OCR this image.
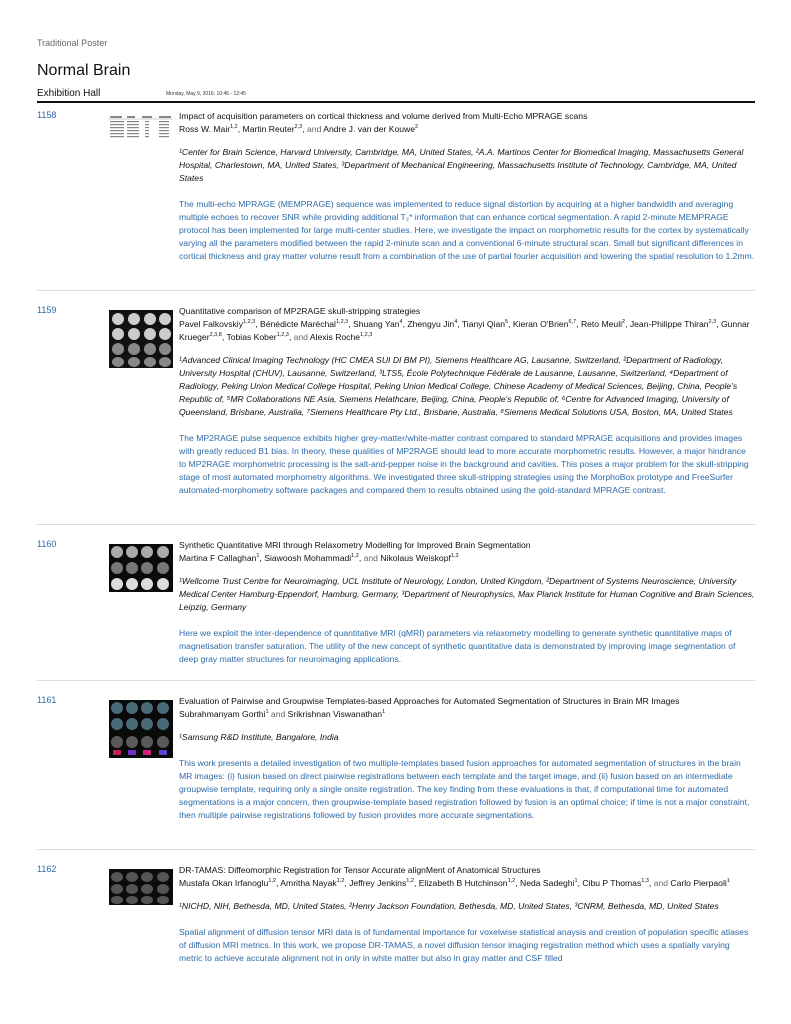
Traditional Poster
Normal Brain
Exhibition Hall	Monday, May 9, 2016: 10:45 - 12:45
1158	Impact of acquisition parameters on cortical thickness and volume derived from Multi-Echo MPRAGE scans
Ross W. Mair$^{1,2}$, Martin Reuter$^{2,3}$, and Andre J. van der Kouwe$^2$
¹Center for Brain Science, Harvard University, Cambridge, MA, United States, ²A.A. Martinos Center for Biomedical Imaging, Massachusetts General Hospital, Charlestown, MA, United States, ³Department of Mechanical Engineering, Massachusetts Institute of Technology, Cambridge, MA, United States
The multi-echo MPRAGE (MEMPRAGE) sequence was implemented to reduce signal distortion by acquiring at a higher bandwidth and averaging multiple echoes to recover SNR while providing additional T₂* information that can enhance cortical segmentation. A rapid 2-minute MEMPRAGE protocol has been implemented for large multi-center studies. Here, we investigate the impact on morphometric results for the cortex by systematically varying all the parameters modified between the rapid 2-minute scan and a conventional 6-minute structural scan. Small but significant differences in cortical thickness and gray matter volume result from a combination of the use of partial fourier acquisition and lowering the spatial resolution to 1.2mm.
1159	Quantitative comparison of MP2RAGE skull-stripping strategies
Pavel Falkovskiy$^{1,2,3}$, Bénédicte Maréchal$^{1,2,3}$, Shuang Yan$^4$, Zhengyu Jin$^4$, Tianyi Qian$^5$, Kieran O'Brien$^{6,7}$, Reto Meuli$^2$, Jean-Philippe Thiran$^{2,3}$, Gunnar Krueger$^{2,3,8}$, Tobias Kober$^{1,2,3}$, and Alexis Roche$^{1,2,3}$
¹Advanced Clinical Imaging Technology (HC CMEA SUI DI BM PI), Siemens Healthcare AG, Lausanne, Switzerland, ²Department of Radiology, University Hospital (CHUV), Lausanne, Switzerland, ³LTS5, École Polytechnique Fédérale de Lausanne, Lausanne, Switzerland, ⁴Department of Radiology, Peking Union Medical College Hospital, Peking Union Medical College, Chinese Academy of Medical Sciences, Beijing, China, People's Republic of, ⁵MR Collaborations NE Asia, Siemens Helathcare, Beijing, China, People's Republic of, ⁶Centre for Advanced Imaging, University of Queensland, Brisbane, Australia, ⁷Siemens Healthcare Pty Ltd., Brisbane, Australia, ⁸Siemens Medical Solutions USA, Boston, MA, United States
The MP2RAGE pulse sequence exhibits higher grey-matter/white-matter contrast compared to standard MPRAGE acquisitions and provides images with greatly reduced B1 bias. In theory, these qualities of MP2RAGE should lead to more accurate morphometric results. However, a major hindrance to MP2RAGE morphometric processing is the salt-and-pepper noise in the background and cavities. This poses a major problem for the skull-stripping stage of most automated morphometry algorithms. We investigated three skull-stripping strategies using the MorphoBox prototype and FreeSurfer automated-morphometry software packages and compared them to results obtained using the gold-standard MPRAGE contrast.
1160	Synthetic Quantitative MRI through Relaxometry Modelling for Improved Brain Segmentation
Martina F Callaghan$^1$, Siawoosh Mohammadi$^{1,2}$, and Nikolaus Weiskopf$^{1,3}$
¹Wellcome Trust Centre for Neuroimaging, UCL Institute of Neurology, London, United Kingdom, ²Department of Systems Neuroscience, University Medical Center Hamburg-Eppendorf, Hamburg, Germany, ³Department of Neurophysics, Max Planck Institute for Human Cognitive and Brain Sciences, Leipzig, Germany
Here we exploit the inter-dependence of quantitative MRI (qMRI) parameters via relaxometry modelling to generate synthetic quantitative maps of magnetisation transfer saturation. The utility of the new concept of synthetic quantitative data is demonstrated by improving image segmentation of deep gray matter structures for neuroimaging applications.
1161	Evaluation of Pairwise and Groupwise Templates-based Approaches for Automated Segmentation of Structures in Brain MR Images
Subrahmanyam Gorthi$^1$ and Srikrishnan Viswanathan$^1$
¹Samsung R&D Institute, Bangalore, India
This work presents a detailed investigation of two multiple-templates based fusion approaches for automated segmentation of structures in the brain MR images: (i) fusion based on direct pairwise registrations between each template and the target image, and (ii) fusion based on an intermediate groupwise template, requiring only a single onsite registration. The key finding from these evaluations is that, if computational time for automated segmentations is a major concern, then groupwise-template based registration followed by fusion is an optimal choice; if time is not a major constraint, then multiple pairwise registrations followed by fusion provides more accurate segmentations.
1162	DR-TAMAS: Diffeomorphic Registration for Tensor Accurate alignMent of Anatomical Structures
Mustafa Okan Irfanoglu$^{1,2}$, Amritha Nayak$^{1,2}$, Jeffrey Jenkins$^{1,2}$, Elizabeth B Hutchinson$^{1,2}$, Neda Sadeghi$^1$, Cibu P Thomas$^{1,3}$, and Carlo Pierpaoli$^1$
¹NICHD, NIH, Bethesda, MD, United States, ²Henry Jackson Foundation, Bethesda, MD, United States, ³CNRM, Bethesda, MD, United States
Spatial alignment of diffusion tensor MRI data is of fundamental importance for voxelwise statistical anaysis and creation of population specific atlases of diffusion MRI metrics. In this work, we propose DR-TAMAS, a novel diffusion tensor imaging registration method which uses a spatially varying metric to achieve accurate alignment not in only in white matter but also in gray matter and CSF filled
